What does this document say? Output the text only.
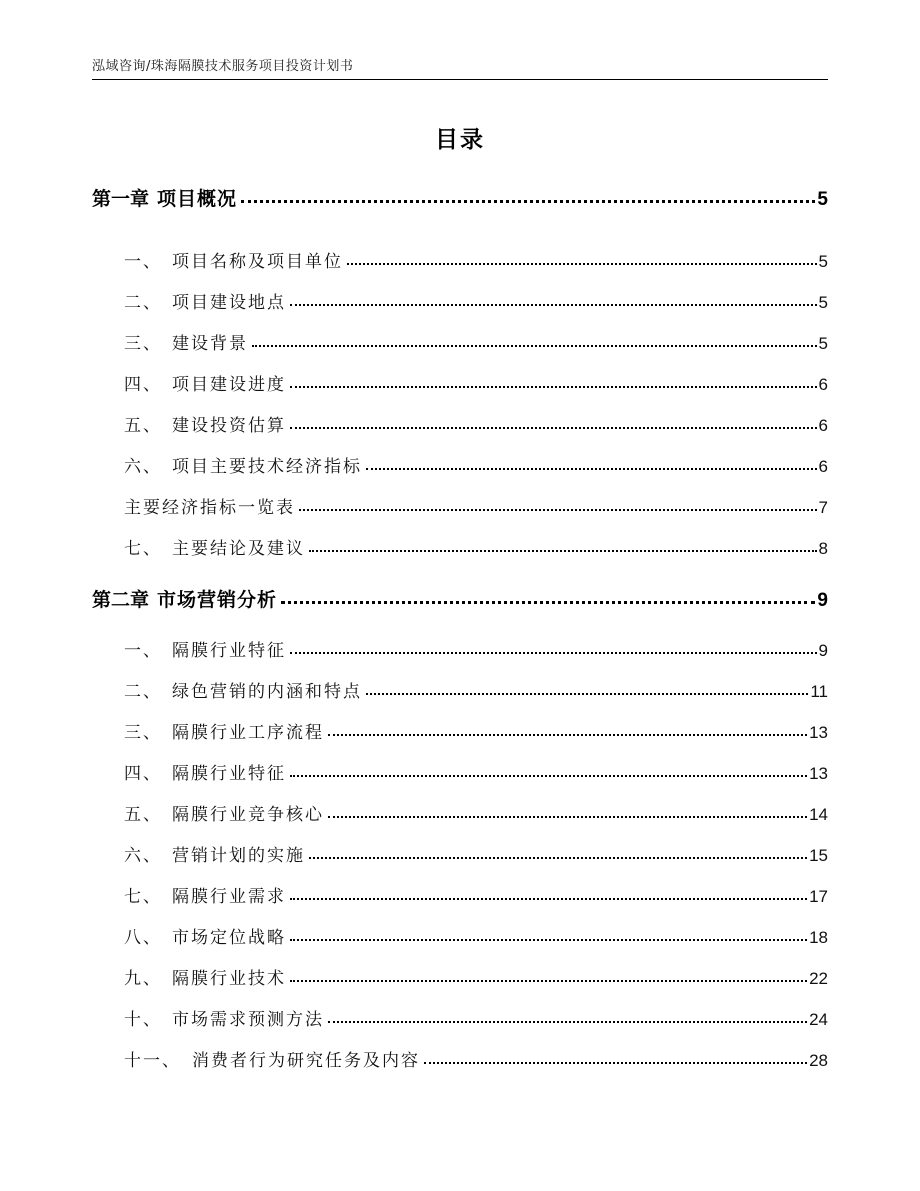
泓域咨询/珠海隔膜技术服务项目投资计划书
目录
第一章 项目概况	5
一、 项目名称及项目单位	5
二、 项目建设地点	5
三、 建设背景	5
四、 项目建设进度	6
五、 建设投资估算	6
六、 项目主要技术经济指标	6
主要经济指标一览表	7
七、 主要结论及建议	8
第二章 市场营销分析	9
一、 隔膜行业特征	9
二、 绿色营销的内涵和特点	11
三、 隔膜行业工序流程	13
四、 隔膜行业特征	13
五、 隔膜行业竞争核心	14
六、 营销计划的实施	15
七、 隔膜行业需求	17
八、 市场定位战略	18
九、 隔膜行业技术	22
十、 市场需求预测方法	24
十一、 消费者行为研究任务及内容	28
